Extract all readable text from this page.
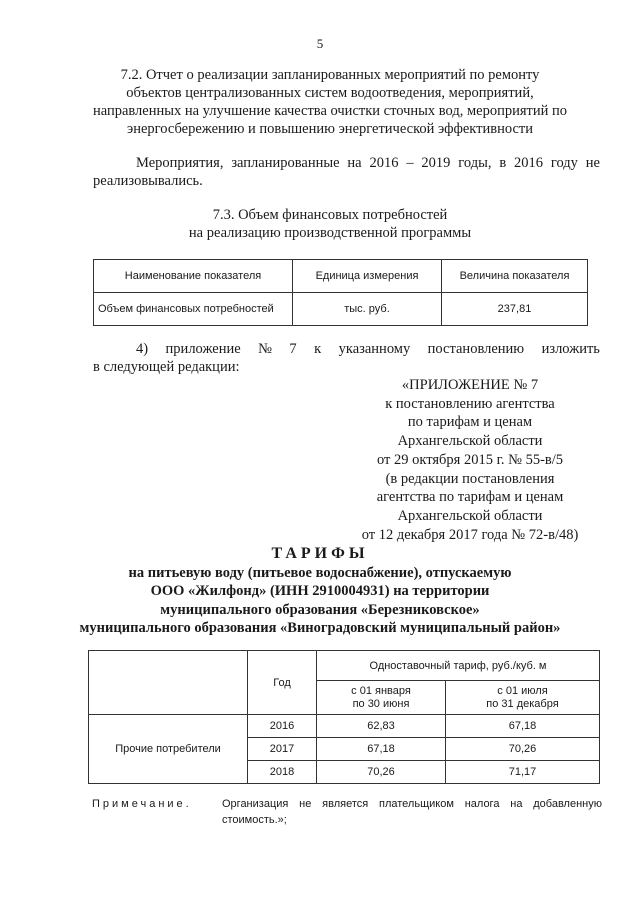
5
7.2. Отчет о реализации запланированных мероприятий по ремонту
объектов централизованных систем водоотведения, мероприятий,
направленных на улучшение качества очистки сточных вод, мероприятий по
энергосбережению и повышению энергетической эффективности
Мероприятия, запланированные на 2016 – 2019 годы, в 2016 году не
реализовывались.
7.3. Объем финансовых потребностей
на реализацию производственной программы
Наименование показателя	Единица измерения	Величина показателя
Объем финансовых потребностей	тыс. руб.	237,81
4) приложение № 7 к указанному постановлению изложить
в следующей редакции:
«ПРИЛОЖЕНИЕ № 7
к постановлению агентства
по тарифам и ценам
Архангельской области
от 29 октября 2015 г. № 55-в/5
(в редакции постановления
агентства по тарифам и ценам
Архангельской области
от 12 декабря 2017 года № 72-в/48)
ТАРИФЫ
на питьевую воду (питьевое водоснабжение), отпускаемую
ООО «Жилфонд» (ИНН 2910004931) на территории
муниципального образования «Березниковское»
муниципального образования «Виноградовский муниципальный район»
	Год	Одноставочный тариф, руб./куб. м	
		с 01 января
по 30 июня	с 01 июля
по 31 декабря
Прочие потребители	2016	62,83	67,18
	2017	67,18	70,26
	2018	70,26	71,17
Примечание.	Организация не является плательщиком налога на добавленную
стоимость.»;
